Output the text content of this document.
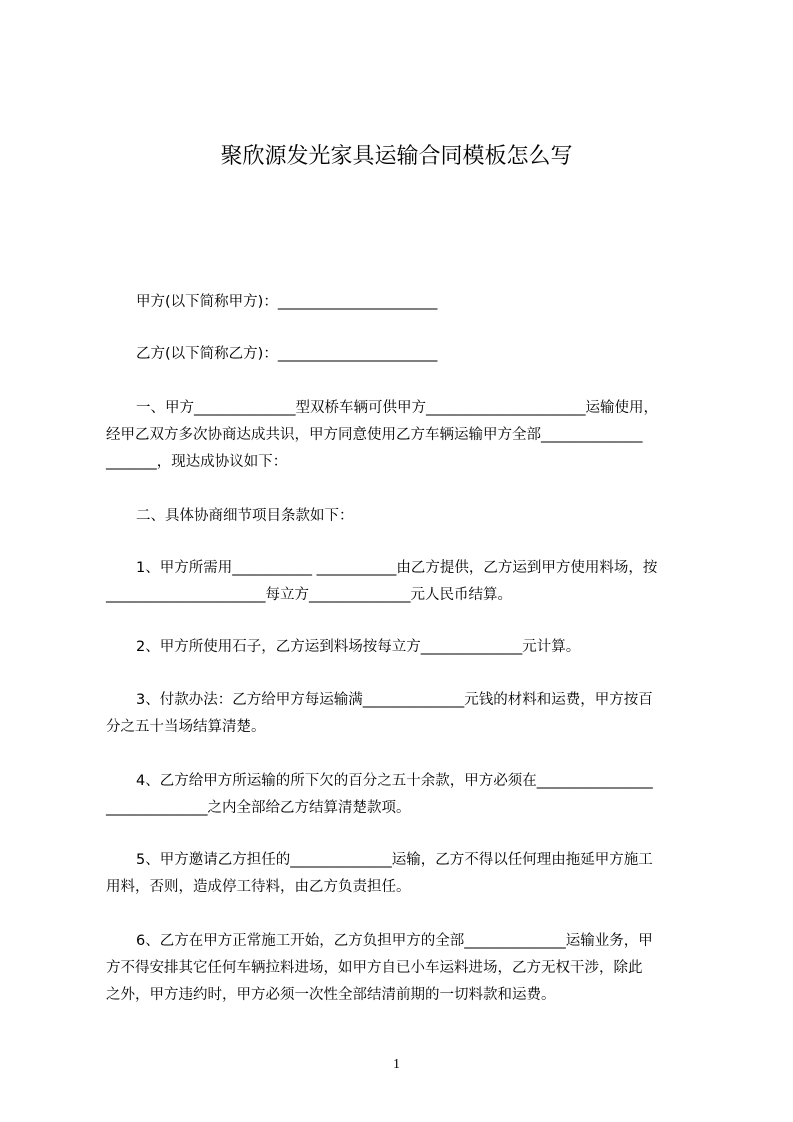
聚欣源发光家具运输合同模板怎么写
甲方(以下简称甲方)：______________________
乙方(以下简称乙方)：______________________
一、甲方______________型双桥车辆可供甲方______________________运输使用，
经甲乙双方多次协商达成共识，甲方同意使用乙方车辆运输甲方全部______________
_______，现达成协议如下：
二、具体协商细节项目条款如下：
1、甲方所需用___________ ___________由乙方提供，乙方运到甲方使用料场，按
______________________每立方______________元人民币结算。
2、甲方所使用石子，乙方运到料场按每立方______________元计算。
3、付款办法：乙方给甲方每运输满______________元钱的材料和运费，甲方按百
分之五十当场结算清楚。
4、乙方给甲方所运输的所下欠的百分之五十余款，甲方必须在________________
______________之内全部给乙方结算清楚款项。
5、甲方邀请乙方担任的______________运输，乙方不得以任何理由拖延甲方施工
用料，否则，造成停工待料，由乙方负责担任。
6、乙方在甲方正常施工开始，乙方负担甲方的全部______________运输业务，甲
方不得安排其它任何车辆拉料进场，如甲方自已小车运料进场，乙方无权干涉，除此
之外，甲方违约时，甲方必须一次性全部结清前期的一切料款和运费。
1
